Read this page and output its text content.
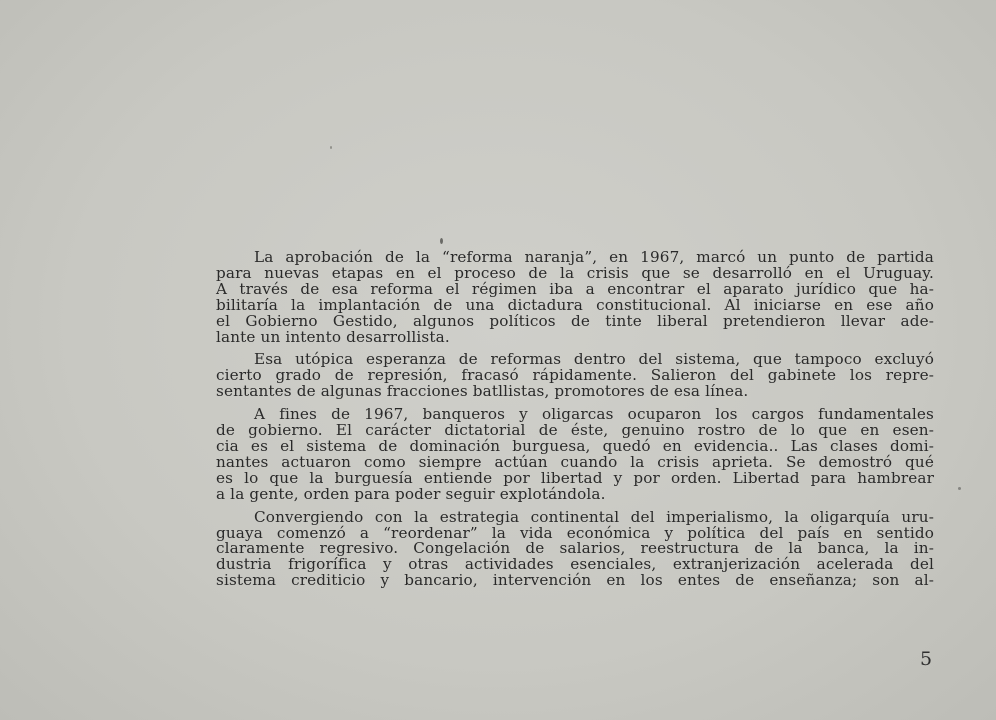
La aprobación de la “reforma naranja”, en 1967, marcó un punto de partida
para nuevas etapas en el proceso de la crisis que se desarrolló en el Uruguay.
A través de esa reforma el régimen iba a encontrar el aparato jurídico que ha-
bilitaría la implantación de una dictadura constitucional. Al iniciarse en ese año
el Gobierno Gestido, algunos políticos de tinte liberal pretendieron llevar ade-
lante un intento desarrollista.
Esa utópica esperanza de reformas dentro del sistema, que tampoco excluyó
cierto grado de represión, fracasó rápidamente. Salieron del gabinete los repre-
sentantes de algunas fracciones batllistas, promotores de esa línea.
A fines de 1967, banqueros y oligarcas ocuparon los cargos fundamentales
de gobierno. El carácter dictatorial de éste, genuino rostro de lo que en esen-
cia es el sistema de dominación burguesa, quedó en evidencia.. Las clases domi-
nantes actuaron como siempre actúan cuando la crisis aprieta. Se demostró qué
es lo que la burguesía entiende por libertad y por orden. Libertad para hambrear
a la gente, orden para poder seguir explotándola.
Convergiendo con la estrategia continental del imperialismo, la oligarquía uru-
guaya comenzó a “reordenar” la vida económica y política del país en sentido
claramente regresivo. Congelación de salarios, reestructura de la banca, la in-
dustria frigorífica y otras actividades esenciales, extranjerización acelerada del
sistema crediticio y bancario, intervención en los entes de enseñanza; son al-
5
